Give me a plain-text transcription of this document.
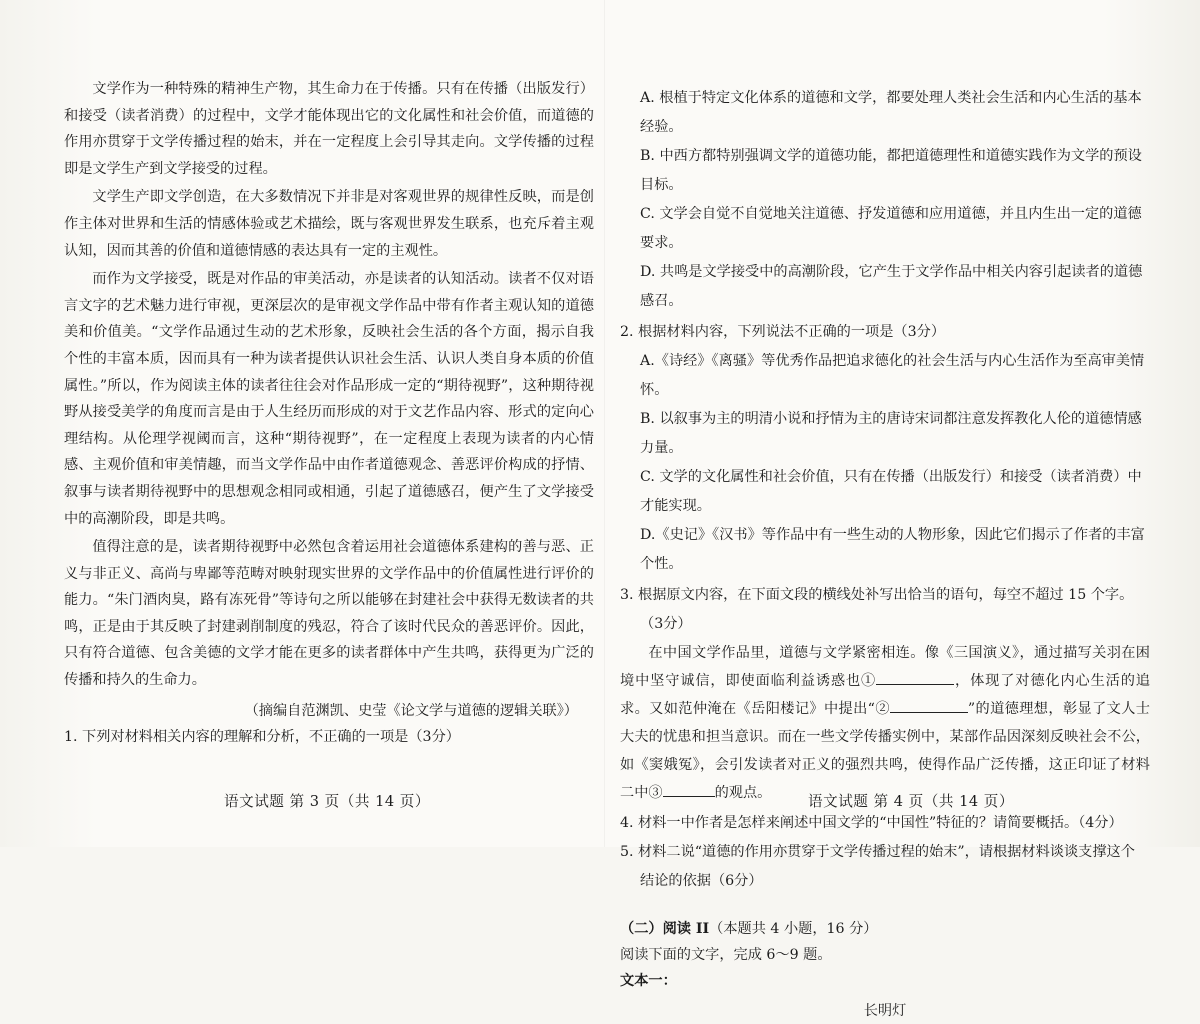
文学作为一种特殊的精神生产物，其生命力在于传播。只有在传播（出版发行）和接受（读者消费）的过程中，文学才能体现出它的文化属性和社会价值，而道德的作用亦贯穿于文学传播过程的始末，并在一定程度上会引导其走向。文学传播的过程即是文学生产到文学接受的过程。

文学生产即文学创造，在大多数情况下并非是对客观世界的规律性反映，而是创作主体对世界和生活的情感体验或艺术描绘，既与客观世界发生联系，也充斥着主观认知，因而其善的价值和道德情感的表达具有一定的主观性。

而作为文学接受，既是对作品的审美活动，亦是读者的认知活动。读者不仅对语言文字的艺术魅力进行审视，更深层次的是审视文学作品中带有作者主观认知的道德美和价值美。“文学作品通过生动的艺术形象，反映社会生活的各个方面，揭示自我个性的丰富本质，因而具有一种为读者提供认识社会生活、认识人类自身本质的价值属性。”所以，作为阅读主体的读者往往会对作品形成一定的“期待视野”，这种期待视野从接受美学的角度而言是由于人生经历而形成的对于文艺作品内容、形式的定向心理结构。从伦理学视阈而言，这种“期待视野”，在一定程度上表现为读者的内心情感、主观价值和审美情趣，而当文学作品中由作者道德观念、善恶评价构成的抒情、叙事与读者期待视野中的思想观念相同或相通，引起了道德感召，便产生了文学接受中的高潮阶段，即是共鸣。

值得注意的是，读者期待视野中必然包含着运用社会道德体系建构的善与恶、正义与非正义、高尚与卑鄙等范畴对映射现实世界的文学作品中的价值属性进行评价的能力。“朱门酒肉臭，路有冻死骨”等诗句之所以能够在封建社会中获得无数读者的共鸣，正是由于其反映了封建剥削制度的残忍，符合了该时代民众的善恶评价。因此，只有符合道德、包含美德的文学才能在更多的读者群体中产生共鸣，获得更为广泛的传播和持久的生命力。

（摘编自范渊凯、史莹《论文学与道德的逻辑关联》）

1. 下列对材料相关内容的理解和分析，不正确的一项是（3分）

语文试题 第 3 页（共 14 页）

A. 根植于特定文化体系的道德和文学，都要处理人类社会生活和内心生活的基本经验。

B. 中西方都特别强调文学的道德功能，都把道德理性和道德实践作为文学的预设目标。

C. 文学会自觉不自觉地关注道德、抒发道德和应用道德，并且内生出一定的道德要求。

D. 共鸣是文学接受中的高潮阶段，它产生于文学作品中相关内容引起读者的道德感召。

2. 根据材料内容，下列说法不正确的一项是（3分）

A.《诗经》《离骚》等优秀作品把追求德化的社会生活与内心生活作为至高审美情怀。

B. 以叙事为主的明清小说和抒情为主的唐诗宋词都注意发挥教化人伦的道德情感力量。

C. 文学的文化属性和社会价值，只有在传播（出版发行）和接受（读者消费）中才能实现。

D.《史记》《汉书》等作品中有一些生动的人物形象，因此它们揭示了作者的丰富个性。

3. 根据原文内容，在下面文段的横线处补写出恰当的语句，每空不超过 15 个字。

（3分）

在中国文学作品里，道德与文学紧密相连。像《三国演义》，通过描写关羽在困境中坚守诚信，即使面临利益诱惑也①	，体现了对德化内心生活的追求。又如范仲淹在《岳阳楼记》中提出“②	”的道德理想，彰显了文人士大夫的忧患和担当意识。而在一些文学传播实例中，某部作品因深刻反映社会不公，如《窦娥冤》，会引发读者对正义的强烈共鸣，使得作品广泛传播，这正印证了材料二中③	的观点。

4. 材料一中作者是怎样来阐述中国文学的“中国性”特征的？请简要概括。（4分）

5. 材料二说“道德的作用亦贯穿于文学传播过程的始末”，请根据材料谈谈支撑这个

结论的依据（6分）

（二）阅读 II（本题共 4 小题，16 分）

阅读下面的文字，完成 6～9 题。

文本一：

长明灯

语文试题 第 4 页（共 14 页）
